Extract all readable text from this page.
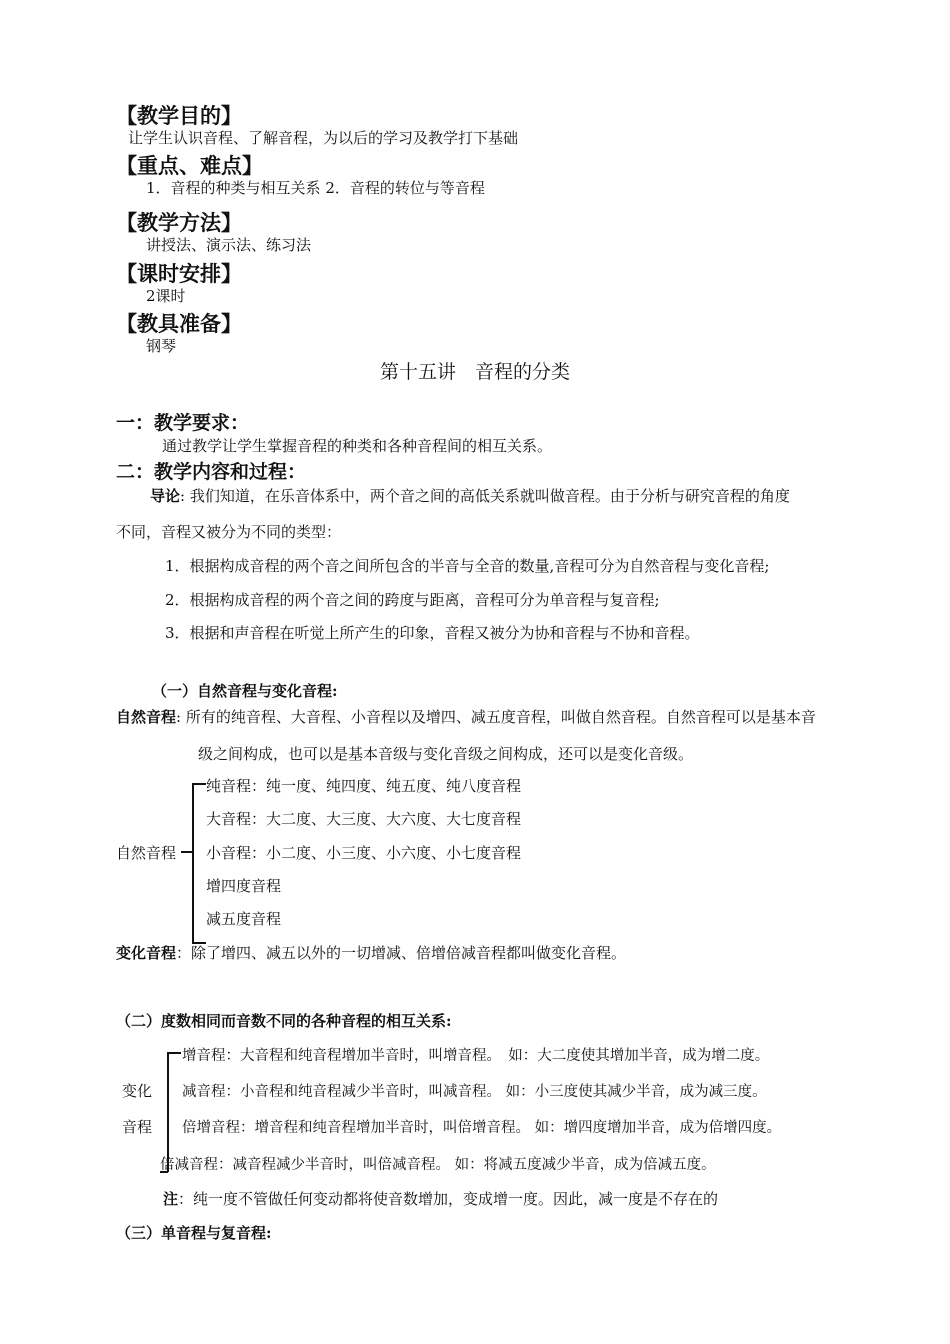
【教学目的】
让学生认识音程、了解音程，为以后的学习及教学打下基础
【重点、难点】
1．音程的种类与相互关系 2．音程的转位与等音程
【教学方法】
讲授法、演示法、练习法
【课时安排】
2课时
【教具准备】
钢琴
第十五讲　音程的分类
一：教学要求：
通过教学让学生掌握音程的种类和各种音程间的相互关系。
二：教学内容和过程：
导论: 我们知道，在乐音体系中，两个音之间的高低关系就叫做音程。由于分析与研究音程的角度
不同，音程又被分为不同的类型：
1．根据构成音程的两个音之间所包含的半音与全音的数量,音程可分为自然音程与变化音程;
2．根据构成音程的两个音之间的跨度与距离，音程可分为单音程与复音程;
3．根据和声音程在听觉上所产生的印象，音程又被分为协和音程与不协和音程。
（一）自然音程与变化音程:
自然音程: 所有的纯音程、大音程、小音程以及增四、减五度音程，叫做自然音程。自然音程可以是基本音
级之间构成，也可以是基本音级与变化音级之间构成，还可以是变化音级。
自然音程
纯音程：纯一度、纯四度、纯五度、纯八度音程
大音程：大二度、大三度、大六度、大七度音程
小音程：小二度、小三度、小六度、小七度音程
增四度音程
减五度音程
变化音程：除了增四、减五以外的一切增减、倍增倍减音程都叫做变化音程。
（二）度数相同而音数不同的各种音程的相互关系:
变化
音程
增音程：大音程和纯音程增加半音时，叫增音程。　如：大二度使其增加半音，成为增二度。
减音程：小音程和纯音程减少半音时，叫减音程。 如：小三度使其减少半音，成为减三度。
倍增音程：增音程和纯音程增加半音时，叫倍增音程。 如：增四度增加半音，成为倍增四度。
倍减音程：减音程减少半音时，叫倍减音程。 如：将减五度减少半音，成为倍减五度。
注：纯一度不管做任何变动都将使音数增加，变成增一度。因此，减一度是不存在的
（三）单音程与复音程:
